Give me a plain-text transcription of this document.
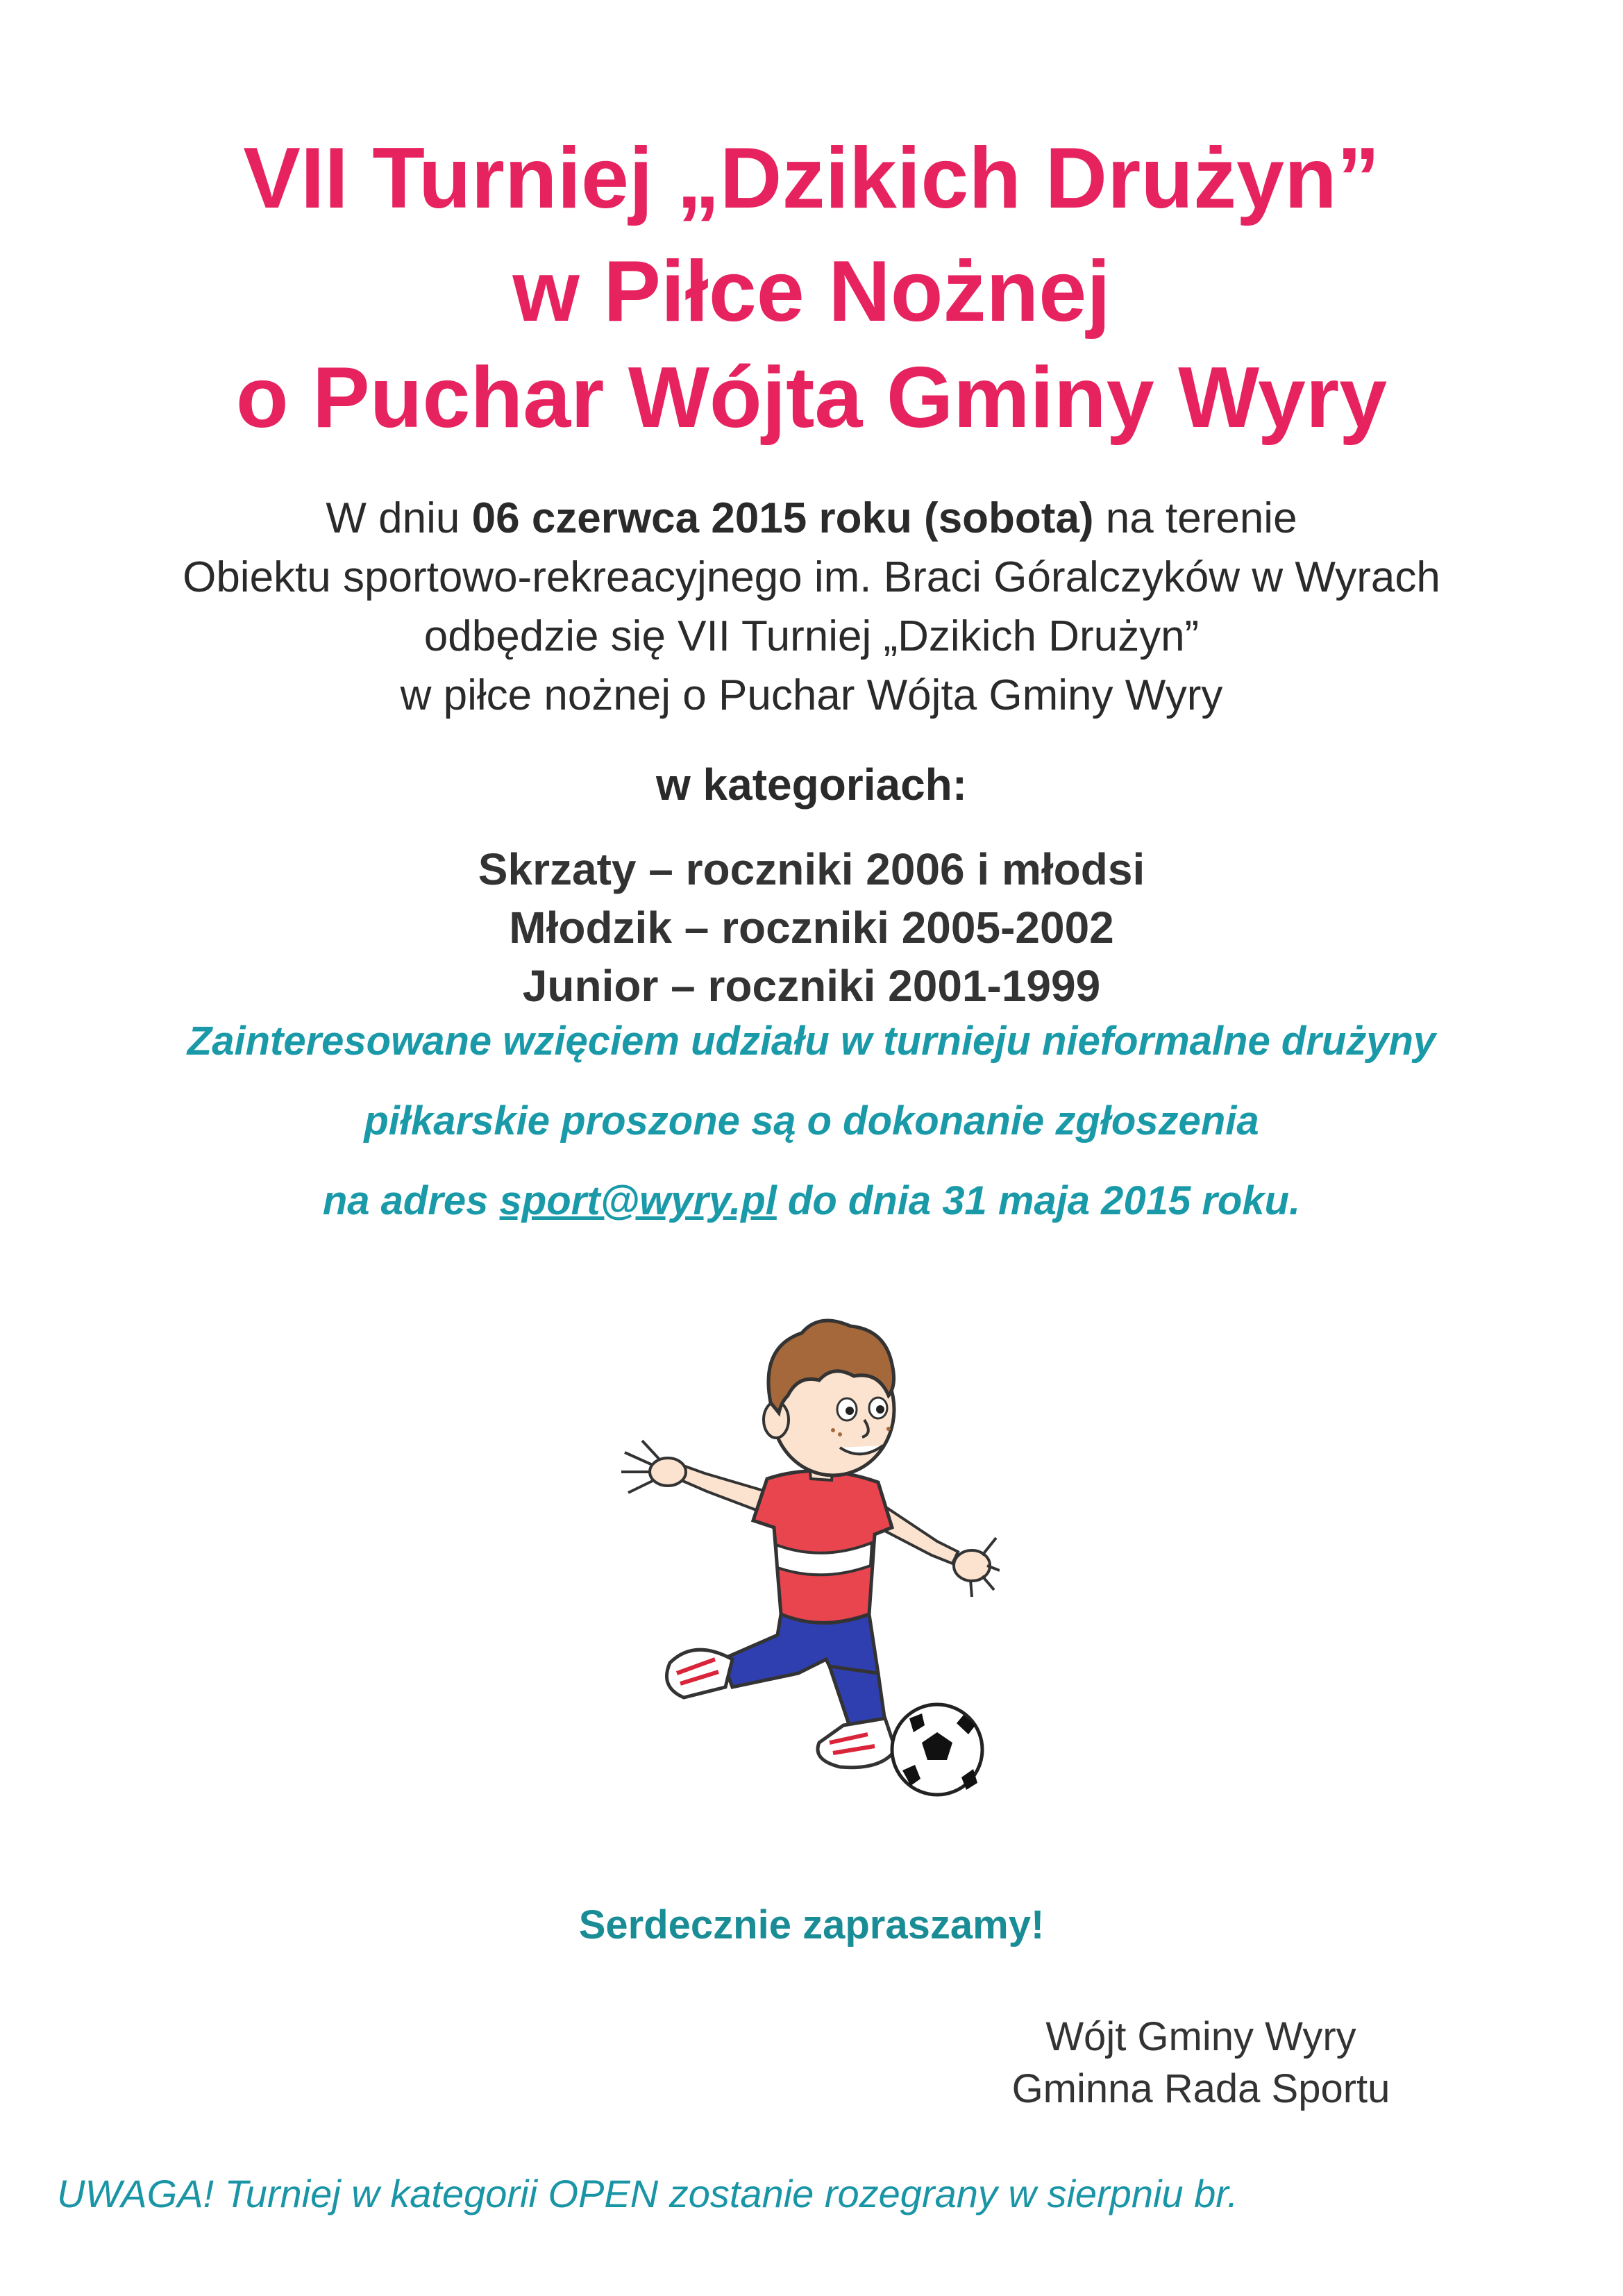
VII Turniej „Dzikich Drużyn”
w Piłce Nożnej
o Puchar Wójta Gminy Wyry
W dniu 06 czerwca 2015 roku (sobota) na terenie
Obiektu sportowo-rekreacyjnego im. Braci Góralczyków w Wyrach
odbędzie się VII Turniej „Dzikich Drużyn”
w piłce nożnej o Puchar Wójta Gminy Wyry
w kategoriach:
Skrzaty – roczniki 2006 i młodsi
Młodzik – roczniki 2005-2002
Junior – roczniki 2001-1999
Zainteresowane wzięciem udziału w turnieju nieformalne drużyny
piłkarskie proszone są o dokonanie zgłoszenia
na adres sport@wyry.pl do dnia 31 maja 2015 roku.
Serdecznie zapraszamy!
Wójt Gminy Wyry
Gminna Rada Sportu
UWAGA! Turniej w kategorii OPEN zostanie rozegrany w sierpniu br.
